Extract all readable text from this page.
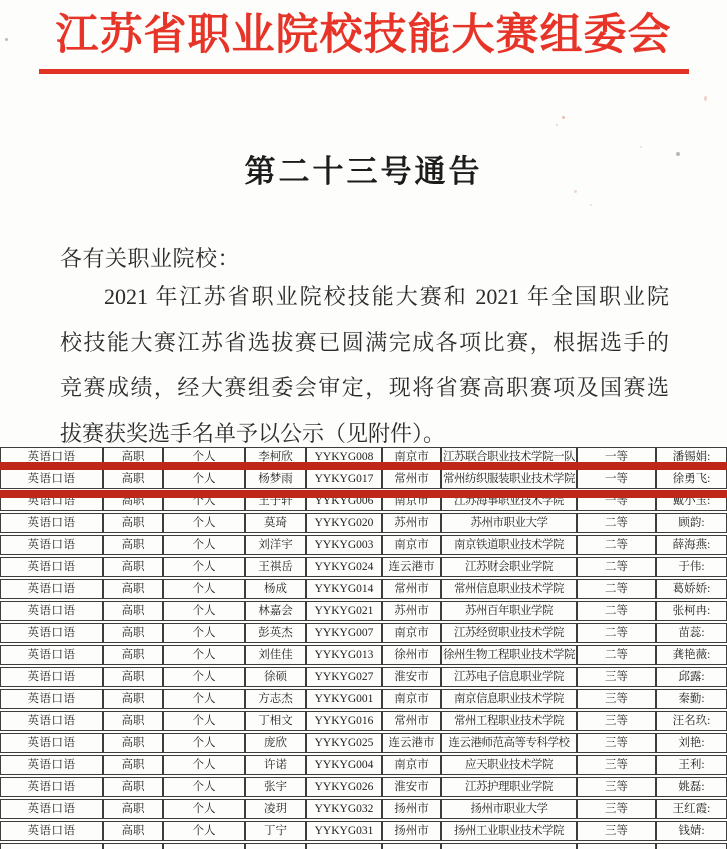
江苏省职业院校技能大赛组委会
第二十三号通告
各有关职业院校：
2021 年江苏省职业院校技能大赛和 2021 年全国职业院
校技能大赛江苏省选拔赛已圆满完成各项比赛，根据选手的
竞赛成绩，经大赛组委会审定，现将省赛高职赛项及国赛选
拔赛获奖选手名单予以公示（见附件）。
英语口语	高职	个人	李柯欣	YYKYG008	南京市	江苏联合职业技术学院一队	一等	潘锡娟:
英语口语	高职	个人	杨梦雨	YYKYG017	常州市	常州纺织服装职业技术学院	一等	徐勇飞:
英语口语	高职	个人	王子轩	YYKYG006	南京市	江苏海事职业技术学院	一等	戴小玉:
英语口语	高职	个人	莫琦	YYKYG020	苏州市	苏州市职业大学	二等	顾韵:
英语口语	高职	个人	刘洋宇	YYKYG003	南京市	南京铁道职业技术学院	二等	薛海燕:
英语口语	高职	个人	王祺岳	YYKYG024	连云港市	江苏财会职业学院	二等	于伟:
英语口语	高职	个人	杨成	YYKYG014	常州市	常州信息职业技术学院	二等	葛娇娇:
英语口语	高职	个人	林嘉会	YYKYG021	苏州市	苏州百年职业学院	二等	张柯冉:
英语口语	高职	个人	彭英杰	YYKYG007	南京市	江苏经贸职业技术学院	二等	苗蕊:
英语口语	高职	个人	刘佳佳	YYKYG013	徐州市	徐州生物工程职业技术学院	二等	龚艳薇:
英语口语	高职	个人	徐硕	YYKYG027	淮安市	江苏电子信息职业学院	三等	邱露:
英语口语	高职	个人	方志杰	YYKYG001	南京市	南京信息职业技术学院	三等	秦勤:
英语口语	高职	个人	丁相文	YYKYG016	常州市	常州工程职业技术学院	三等	汪名玖:
英语口语	高职	个人	庞欣	YYKYG025	连云港市	连云港师范高等专科学校	三等	刘艳:
英语口语	高职	个人	许诺	YYKYG004	南京市	应天职业技术学院	三等	王利:
英语口语	高职	个人	张宇	YYKYG026	淮安市	江苏护理职业学院	三等	姚磊:
英语口语	高职	个人	凌玥	YYKYG032	扬州市	扬州市职业大学	三等	王红霞:
英语口语	高职	个人	丁宁	YYKYG031	扬州市	扬州工业职业技术学院	三等	钱婧:
